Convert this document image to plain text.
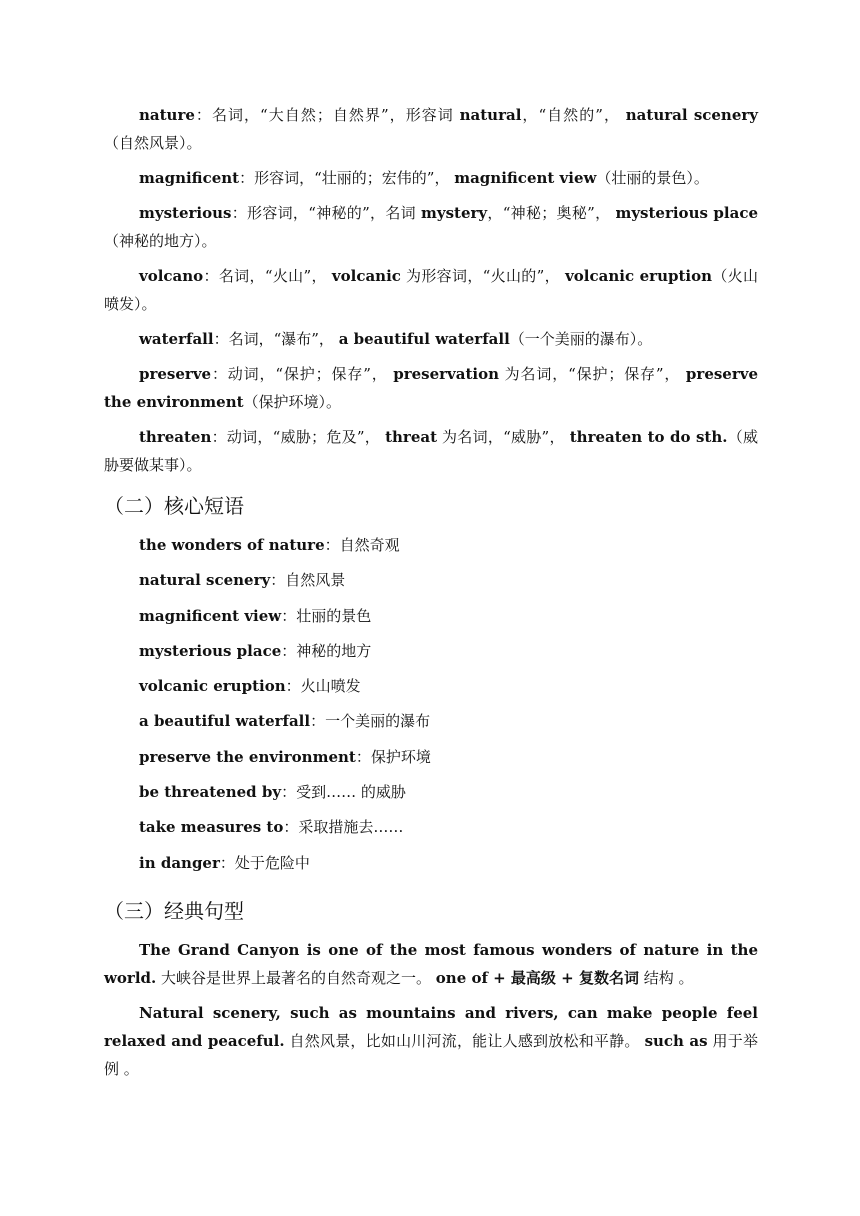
nature：名词，“大自然；自然界”，形容词 natural，“自然的”， natural scenery（自然风景）。

magnificent：形容词，“壮丽的；宏伟的”， magnificent view（壮丽的景色）。

mysterious：形容词，“神秘的”，名词 mystery，“神秘；奥秘”， mysterious place（神秘的地方）。

volcano：名词，“火山”， volcanic 为形容词，“火山的”， volcanic eruption（火山喷发）。

waterfall：名词，“瀑布”， a beautiful waterfall（一个美丽的瀑布）。

preserve：动词，“保护；保存”， preservation 为名词，“保护；保存”， preserve the environment（保护环境）。

threaten：动词，“威胁；危及”， threat 为名词，“威胁”， threaten to do sth.（威胁要做某事）。

（二）核心短语
the wonders of nature：自然奇观
natural scenery：自然风景
magnificent view：壮丽的景色
mysterious place：神秘的地方
volcanic eruption：火山喷发
a beautiful waterfall：一个美丽的瀑布
preserve the environment：保护环境
be threatened by：受到…… 的威胁
take measures to：采取措施去……
in danger：处于危险中
（三）经典句型

The Grand Canyon is one of the most famous wonders of nature in the world. 大峡谷是世界上最著名的自然奇观之一。 one of + 最高级 + 复数名词 结构 。

Natural scenery, such as mountains and rivers, can make people feel relaxed and peaceful. 自然风景，比如山川河流，能让人感到放松和平静。 such as 用于举例 。
